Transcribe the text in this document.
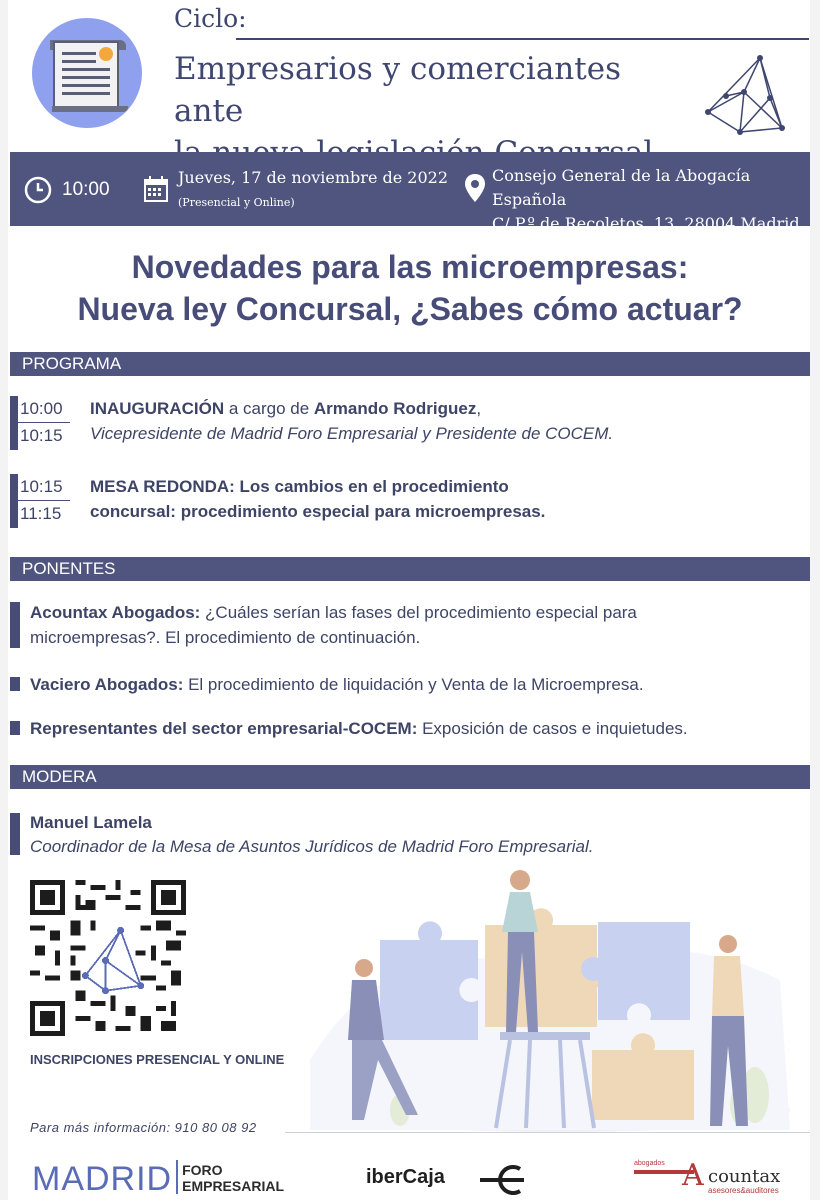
Ciclo:
Empresarios y comerciantes ante
10:00
Jueves, 17 de noviembre de 2022
(Presencial y Online)
Consejo General de la Abogacía Española
C/ P.º de Recoletos, 13, 28004 Madrid
Novedades para las microempresas:
Nueva ley Concursal, ¿Sabes cómo actuar?
PROGRAMA
10:00
10:15
INAUGURACIÓN a cargo de Armando Rodriguez,
Vicepresidente de Madrid Foro Empresarial y Presidente de COCEM.
10:15
11:15
MESA REDONDA: Los cambios en el procedimiento
concursal: procedimiento especial para microempresas.
PONENTES
Acountax Abogados: ¿Cuáles serían las fases del procedimiento especial para
microempresas?. El procedimiento de continuación.
Vaciero Abogados: El procedimiento de liquidación y Venta de la Microempresa.
Representantes del sector empresarial-COCEM: Exposición de casos e inquietudes.
MODERA
Manuel Lamela
Coordinador de la Mesa de Asuntos Jurídicos de Madrid Foro Empresarial.
INSCRIPCIONES PRESENCIAL Y ONLINE
Para más información: 910 80 08 92
MADRID FORO
EMPRESARIAL	iberCaja
abogados A countax
asesores&auditores
